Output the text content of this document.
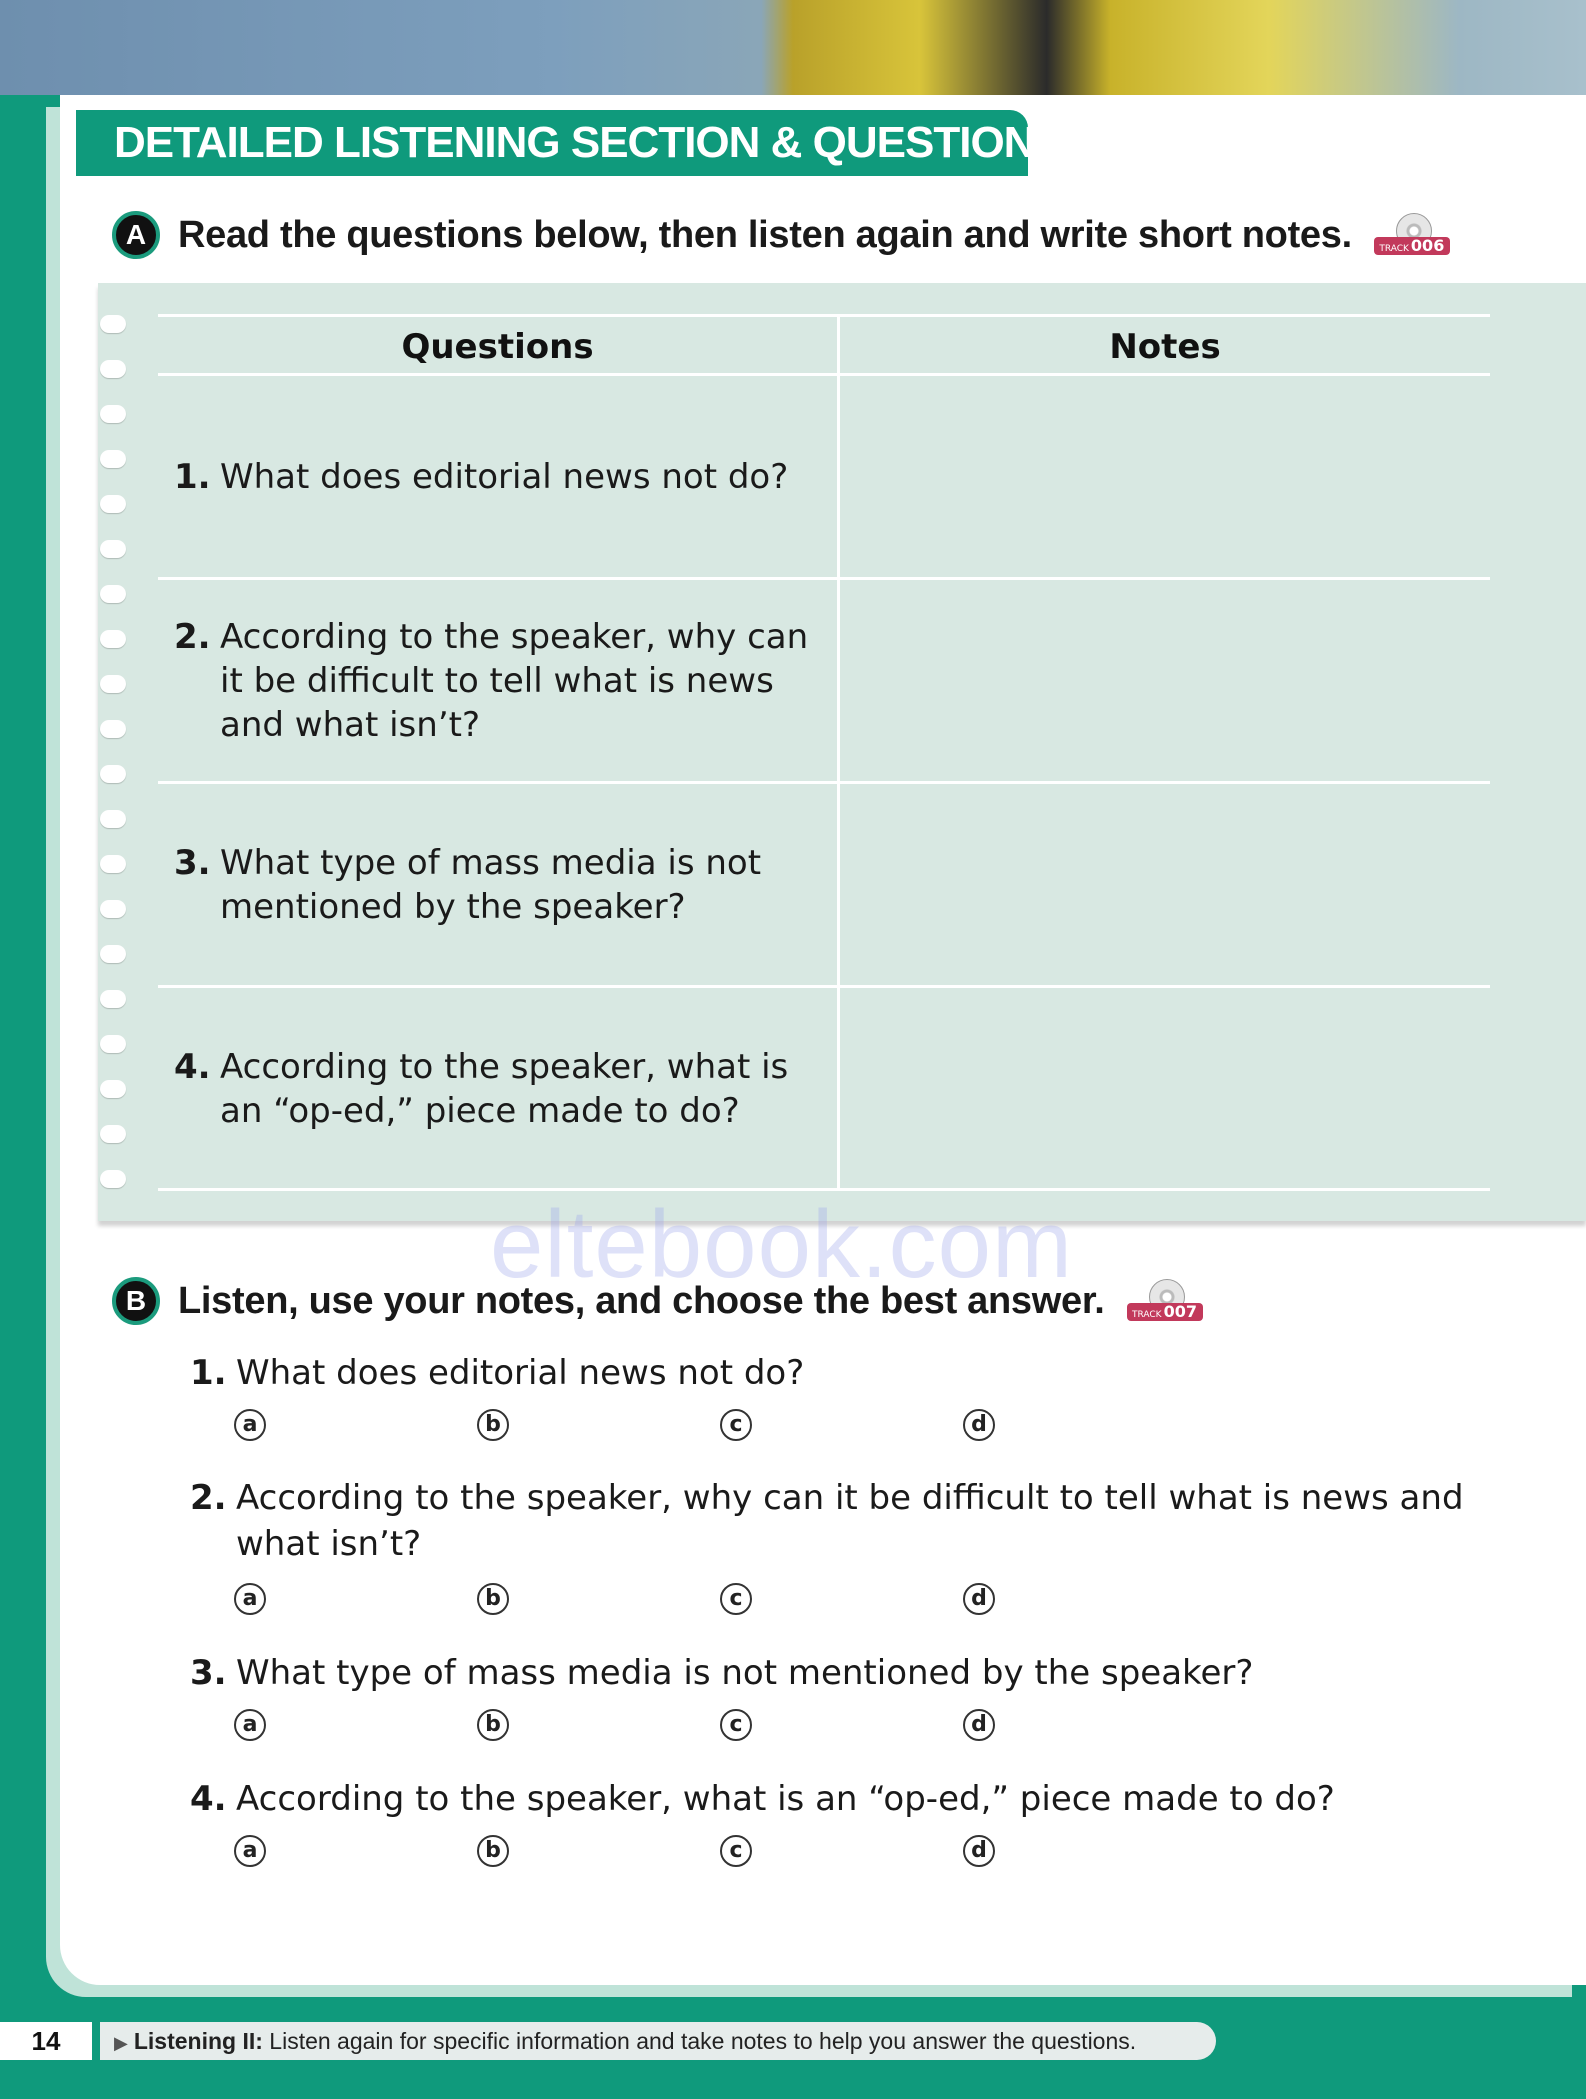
DETAILED LISTENING SECTION & QUESTIONS
A Read the questions below, then listen again and write short notes.	TRACK 006
Questions	Notes
1. What does editorial news not do?
2. According to the speaker, why can it be difficult to tell what is news and what isn’t?
3. What type of mass media is not mentioned by the speaker?
4. According to the speaker, what is an “op-ed,” piece made to do?
eltebook.com
B Listen, use your notes, and choose the best answer.	TRACK 007
1. What does editorial news not do?
a	b	c	d
2. According to the speaker, why can it be difficult to tell what is news and what isn’t?
a	b	c	d
3. What type of mass media is not mentioned by the speaker?
a	b	c	d
4. According to the speaker, what is an “op-ed,” piece made to do?
a	b	c	d
14	▶ Listening II: Listen again for specific information and take notes to help you answer the questions.
